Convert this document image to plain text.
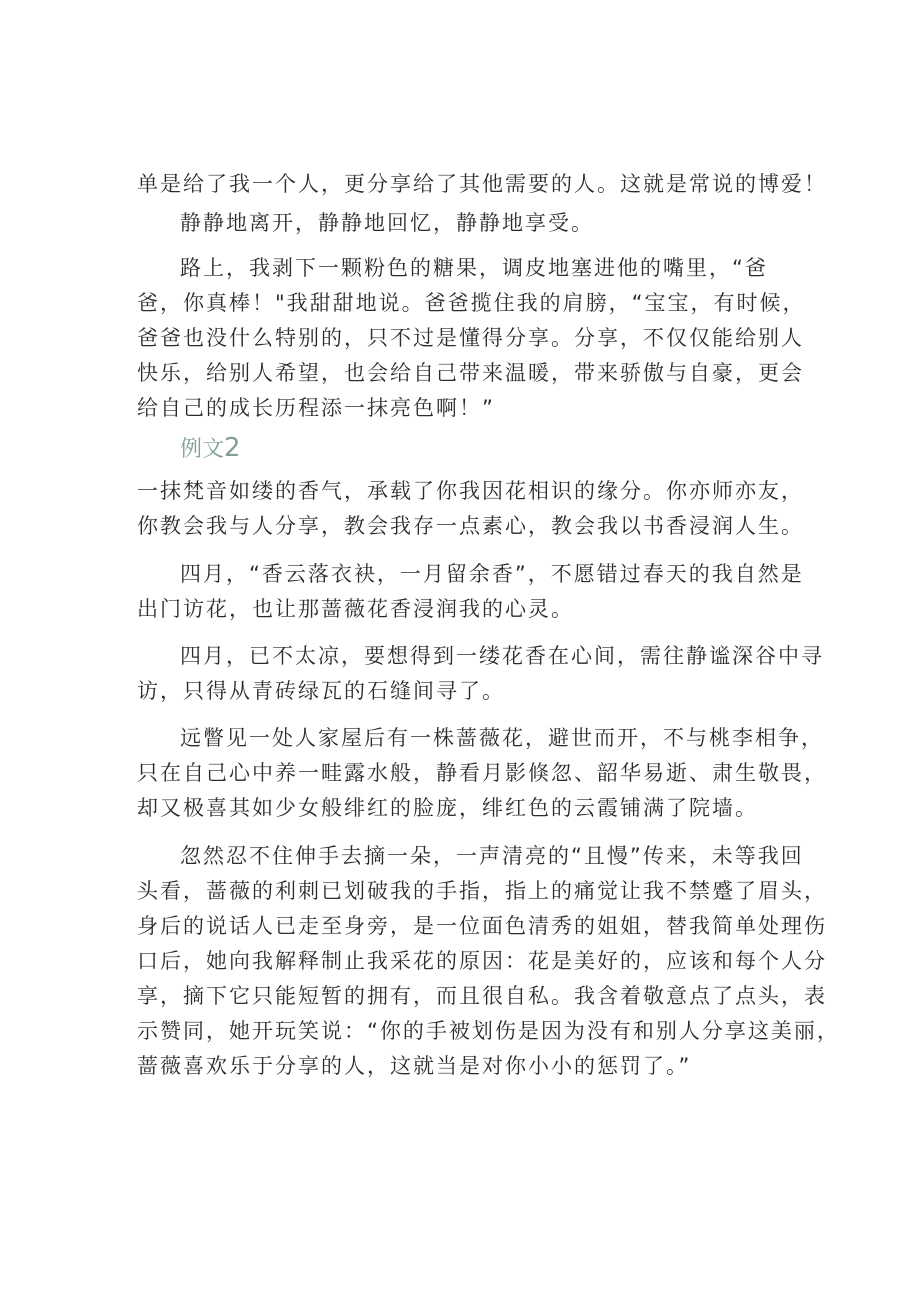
单是给了我一个人，更分享给了其他需要的人。这就是常说的博爱！
静静地离开，静静地回忆，静静地享受。
路上，我剥下一颗粉色的糖果，调皮地塞进他的嘴里，“爸
爸，你真棒！"我甜甜地说。爸爸揽住我的肩膀，“宝宝，有时候，
爸爸也没什么特别的，只不过是懂得分享。分享，不仅仅能给别人
快乐，给别人希望，也会给自己带来温暖，带来骄傲与自豪，更会
给自己的成长历程添一抹亮色啊！”
例文2
一抹梵音如缕的香气，承载了你我因花相识的缘分。你亦师亦友，
你教会我与人分享，教会我存一点素心，教会我以书香浸润人生。
四月，“香云落衣袂，一月留余香”，不愿错过春天的我自然是
出门访花，也让那蔷薇花香浸润我的心灵。
四月，已不太凉，要想得到一缕花香在心间，需往静谧深谷中寻
访，只得从青砖绿瓦的石缝间寻了。
远瞥见一处人家屋后有一株蔷薇花，避世而开，不与桃李相争，
只在自己心中养一畦露水般，静看月影倏忽、韶华易逝、肃生敬畏，
却又极喜其如少女般绯红的脸庞，绯红色的云霞铺满了院墙。
忽然忍不住伸手去摘一朵，一声清亮的“且慢”传来，未等我回
头看，蔷薇的利刺已划破我的手指，指上的痛觉让我不禁蹙了眉头，
身后的说话人已走至身旁，是一位面色清秀的姐姐，替我简单处理伤
口后，她向我解释制止我采花的原因：花是美好的，应该和每个人分
享，摘下它只能短暂的拥有，而且很自私。我含着敬意点了点头，表
示赞同，她开玩笑说：“你的手被划伤是因为没有和别人分享这美丽，
蔷薇喜欢乐于分享的人，这就当是对你小小的惩罚了。”
